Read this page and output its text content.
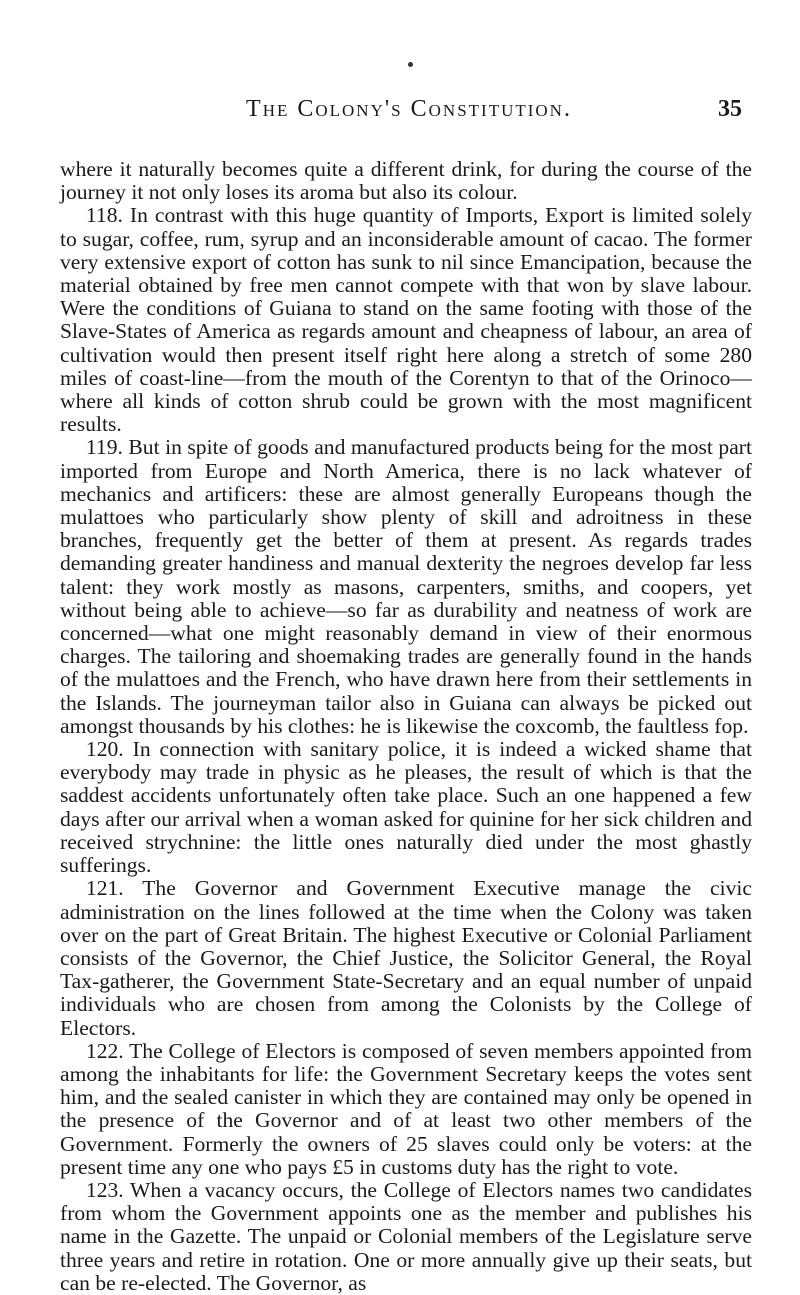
The Colony's Constitution.	35

where it naturally becomes quite a different drink, for during the course of the journey it not only loses its aroma but also its colour.

118. In contrast with this huge quantity of Imports, Export is limited solely to sugar, coffee, rum, syrup and an inconsiderable amount of cacao. The former very extensive export of cotton has sunk to nil since Emancipation, because the material obtained by free men cannot compete with that won by slave labour. Were the conditions of Guiana to stand on the same footing with those of the Slave-States of America as regards amount and cheapness of labour, an area of cultivation would then present itself right here along a stretch of some 280 miles of coast-line—from the mouth of the Corentyn to that of the Orinoco—where all kinds of cotton shrub could be grown with the most magnificent results.

119. But in spite of goods and manufactured products being for the most part imported from Europe and North America, there is no lack whatever of mechanics and artificers: these are almost generally Europeans though the mulattoes who particularly show plenty of skill and adroitness in these branches, frequently get the better of them at present. As regards trades demanding greater handiness and manual dexterity the negroes develop far less talent: they work mostly as masons, carpenters, smiths, and coopers, yet without being able to achieve—so far as durability and neatness of work are concerned—what one might reasonably demand in view of their enormous charges. The tailoring and shoemaking trades are generally found in the hands of the mulattoes and the French, who have drawn here from their settlements in the Islands. The journeyman tailor also in Guiana can always be picked out amongst thousands by his clothes: he is likewise the coxcomb, the faultless fop.

120. In connection with sanitary police, it is indeed a wicked shame that everybody may trade in physic as he pleases, the result of which is that the saddest accidents unfortunately often take place. Such an one happened a few days after our arrival when a woman asked for quinine for her sick children and received strychnine: the little ones naturally died under the most ghastly sufferings.

121. The Governor and Government Executive manage the civic administration on the lines followed at the time when the Colony was taken over on the part of Great Britain. The highest Executive or Colonial Parliament consists of the Governor, the Chief Justice, the Solicitor General, the Royal Tax-gatherer, the Government State-Secretary and an equal number of unpaid individuals who are chosen from among the Colonists by the College of Electors.

122. The College of Electors is composed of seven members appointed from among the inhabitants for life: the Government Secretary keeps the votes sent him, and the sealed canister in which they are contained may only be opened in the presence of the Governor and of at least two other members of the Government. Formerly the owners of 25 slaves could only be voters: at the present time any one who pays £5 in customs duty has the right to vote.

123. When a vacancy occurs, the College of Electors names two candidates from whom the Government appoints one as the member and publishes his name in the Gazette. The unpaid or Colonial members of the Legislature serve three years and retire in rotation. One or more annually give up their seats, but can be re-elected. The Governor, as
